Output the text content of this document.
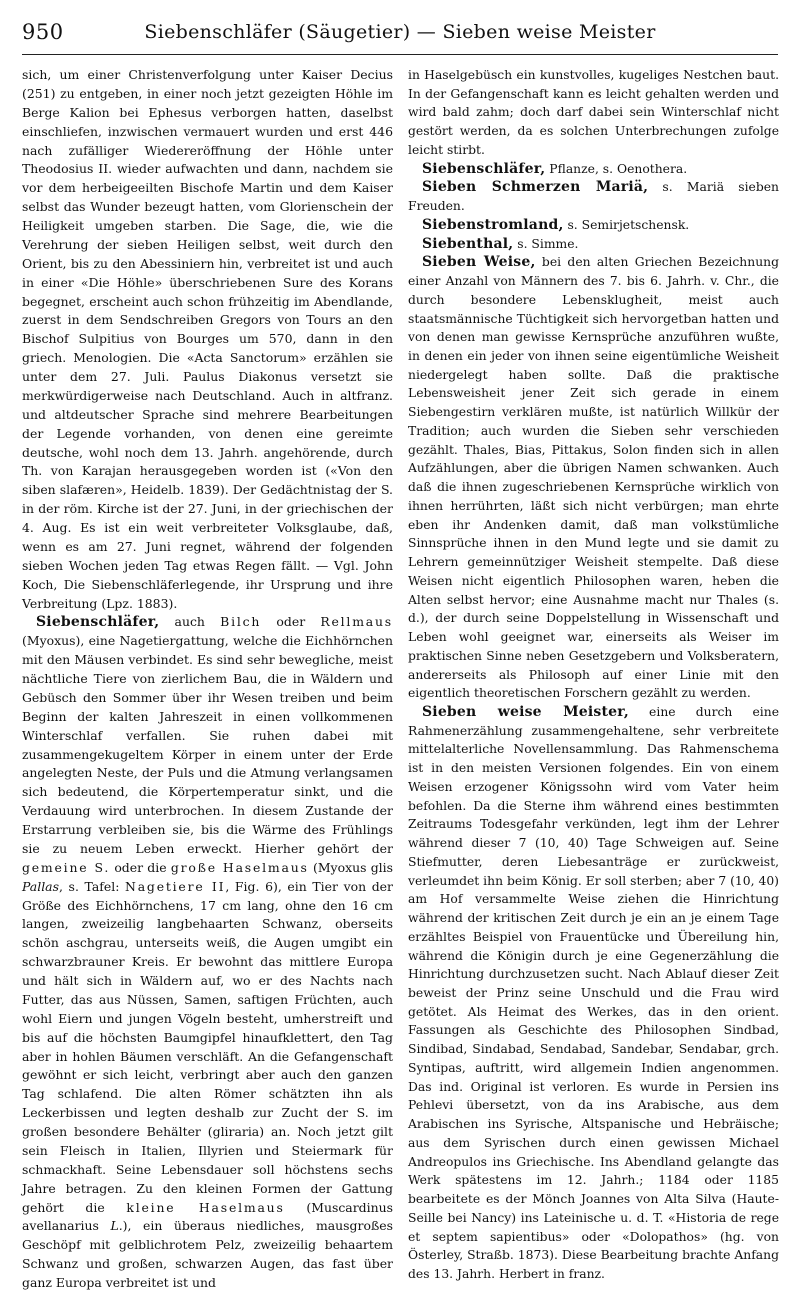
950	Siebenschläfer (Säugetier) — Sieben weise Meister

sich, um einer Christenverfolgung unter Kaiser Decius (251) zu entgeben, in einer noch jetzt gezeigten Höhle im Berge Kalion bei Ephesus verborgen hatten, daselbst einschliefen, inzwischen vermauert wurden und erst 446 nach zufälliger Wiedereröffnung der Höhle unter Theodosius II. wieder aufwachten und dann, nachdem sie vor dem herbeigeeilten Bischofe Martin und dem Kaiser selbst das Wunder bezeugt hatten, vom Glorienschein der Heiligkeit umgeben starben. Die Sage, die, wie die Verehrung der sieben Heiligen selbst, weit durch den Orient, bis zu den Abessiniern hin, verbreitet ist und auch in einer «Die Höhle» überschriebenen Sure des Korans begegnet, erscheint auch schon frühzeitig im Abendlande, zuerst in dem Sendschreiben Gregors von Tours an den Bischof Sulpitius von Bourges um 570, dann in den griech. Menologien. Die «Acta Sanctorum» erzählen sie unter dem 27. Juli. Paulus Diakonus versetzt sie merkwürdigerweise nach Deutschland. Auch in altfranz. und altdeutscher Sprache sind mehrere Bearbeitungen der Legende vorhanden, von denen eine gereimte deutsche, wohl noch dem 13. Jahrh. angehörende, durch Th. von Karajan herausgegeben worden ist («Von den siben slafæren», Heidelb. 1839). Der Gedächtnistag der S. in der röm. Kirche ist der 27. Juni, in der griechischen der 4. Aug. Es ist ein weit verbreiteter Volksglaube, daß, wenn es am 27. Juni regnet, während der folgenden sieben Wochen jeden Tag etwas Regen fällt. — Vgl. John Koch, Die Siebenschläferlegende, ihr Ursprung und ihre Verbreitung (Lpz. 1883).

Siebenschläfer, auch Bilch oder Rellmaus (Myoxus), eine Nagetiergattung, welche die Eichhörnchen mit den Mäusen verbindet. Es sind sehr bewegliche, meist nächtliche Tiere von zierlichem Bau, die in Wäldern und Gebüsch den Sommer über ihr Wesen treiben und beim Beginn der kalten Jahreszeit in einen vollkommenen Winterschlaf verfallen. Sie ruhen dabei mit zusammengekugeltem Körper in einem unter der Erde angelegten Neste, der Puls und die Atmung verlangsamen sich bedeutend, die Körpertemperatur sinkt, und die Verdauung wird unterbrochen. In diesem Zustande der Erstarrung verbleiben sie, bis die Wärme des Frühlings sie zu neuem Leben erweckt. Hierher gehört der gemeine S. oder die große Haselmaus (Myoxus glis Pallas, s. Tafel: Nagetiere II, Fig. 6), ein Tier von der Größe des Eichhörnchens, 17 cm lang, ohne den 16 cm langen, zweizeilig langbehaarten Schwanz, oberseits schön aschgrau, unterseits weiß, die Augen umgibt ein schwarzbrauner Kreis. Er bewohnt das mittlere Europa und hält sich in Wäldern auf, wo er des Nachts nach Futter, das aus Nüssen, Samen, saftigen Früchten, auch wohl Eiern und jungen Vögeln besteht, umherstreift und bis auf die höchsten Baumgipfel hinaufklettert, den Tag aber in hohlen Bäumen verschläft. An die Gefangenschaft gewöhnt er sich leicht, verbringt aber auch den ganzen Tag schlafend. Die alten Römer schätzten ihn als Leckerbissen und legten deshalb zur Zucht der S. im großen besondere Behälter (gliraria) an. Noch jetzt gilt sein Fleisch in Italien, Illyrien und Steiermark für schmackhaft. Seine Lebensdauer soll höchstens sechs Jahre betragen. Zu den kleinen Formen der Gattung gehört die kleine Haselmaus (Muscardinus avellanarius L.), ein überaus niedliches, mausgroßes Geschöpf mit gelblichrotem Pelz, zweizeilig behaartem Schwanz und großen, schwarzen Augen, das fast über ganz Europa verbreitet ist und

in Haselgebüsch ein kunstvolles, kugeliges Nestchen baut. In der Gefangenschaft kann es leicht gehalten werden und wird bald zahm; doch darf dabei sein Winterschlaf nicht gestört werden, da es solchen Unterbrechungen zufolge leicht stirbt.

Siebenschläfer, Pflanze, s. Oenothera.

Sieben Schmerzen Mariä, s. Mariä sieben Freuden.

Siebenstromland, s. Semirjetschensk.

Siebenthal, s. Simme.

Sieben Weise, bei den alten Griechen Bezeichnung einer Anzahl von Männern des 7. bis 6. Jahrh. v. Chr., die durch besondere Lebensklugheit, meist auch staatsmännische Tüchtigkeit sich hervorgetban hatten und von denen man gewisse Kernsprüche anzuführen wußte, in denen ein jeder von ihnen seine eigentümliche Weisheit niedergelegt haben sollte. Daß die praktische Lebensweisheit jener Zeit sich gerade in einem Siebengestirn verklären mußte, ist natürlich Willkür der Tradition; auch wurden die Sieben sehr verschieden gezählt. Thales, Bias, Pittakus, Solon finden sich in allen Aufzählungen, aber die übrigen Namen schwanken. Auch daß die ihnen zugeschriebenen Kernsprüche wirklich von ihnen herrührten, läßt sich nicht verbürgen; man ehrte eben ihr Andenken damit, daß man volkstümliche Sinnsprüche ihnen in den Mund legte und sie damit zu Lehrern gemeinnütziger Weisheit stempelte. Daß diese Weisen nicht eigentlich Philosophen waren, heben die Alten selbst hervor; eine Ausnahme macht nur Thales (s. d.), der durch seine Doppelstellung in Wissenschaft und Leben wohl geeignet war, einerseits als Weiser im praktischen Sinne neben Gesetzgebern und Volksberatern, andererseits als Philosoph auf einer Linie mit den eigentlich theoretischen Forschern gezählt zu werden.

Sieben weise Meister, eine durch eine Rahmenerzählung zusammengehaltene, sehr verbreitete mittelalterliche Novellensammlung. Das Rahmenschema ist in den meisten Versionen folgendes. Ein von einem Weisen erzogener Königssohn wird vom Vater heim befohlen. Da die Sterne ihm während eines bestimmten Zeitraums Todesgefahr verkünden, legt ihm der Lehrer während dieser 7 (10, 40) Tage Schweigen auf. Seine Stiefmutter, deren Liebesanträge er zurückweist, verleumdet ihn beim König. Er soll sterben; aber 7 (10, 40) am Hof versammelte Weise ziehen die Hinrichtung während der kritischen Zeit durch je ein an je einem Tage erzähltes Beispiel von Frauentücke und Übereilung hin, während die Königin durch je eine Gegenerzählung die Hinrichtung durchzusetzen sucht. Nach Ablauf dieser Zeit beweist der Prinz seine Unschuld und die Frau wird getötet. Als Heimat des Werkes, das in den orient. Fassungen als Geschichte des Philosophen Sindbad, Sindibad, Sindabad, Sendabad, Sandebar, Sendabar, grch. Syntipas, auftritt, wird allgemein Indien angenommen. Das ind. Original ist verloren. Es wurde in Persien ins Pehlevi übersetzt, von da ins Arabische, aus dem Arabischen ins Syrische, Altspanische und Hebräische; aus dem Syrischen durch einen gewissen Michael Andreopulos ins Griechische. Ins Abendland gelangte das Werk spätestens im 12. Jahrh.; 1184 oder 1185 bearbeitete es der Mönch Joannes von Alta Silva (Haute-Seille bei Nancy) ins Lateinische u. d. T. «Historia de rege et septem sapientibus» oder «Dolopathos» (hg. von Österley, Straßb. 1873). Diese Bearbeitung brachte Anfang des 13. Jahrh. Herbert in franz.
